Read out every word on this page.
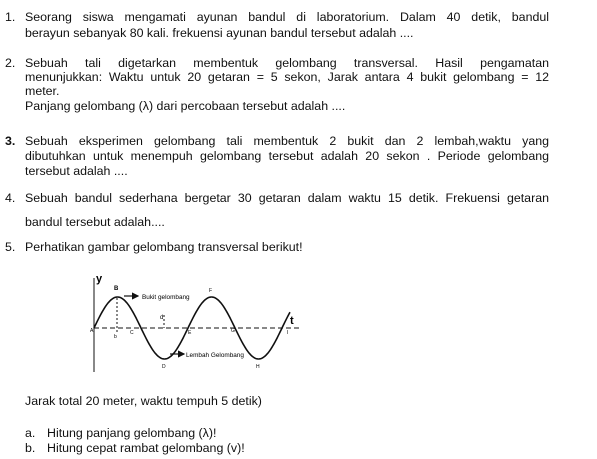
1. Seorang siswa mengamati ayunan bandul di laboratorium. Dalam 40 detik, bandul
berayun sebanyak 80 kali. frekuensi ayunan bandul tersebut adalah ....
2. Sebuah tali digetarkan membentuk gelombang transversal. Hasil pengamatan
menunjukkan: Waktu untuk 20 getaran = 5 sekon, Jarak antara 4 bukit gelombang = 12
meter.
Panjang gelombang (λ) dari percobaan tersebut adalah ....
3. Sebuah eksperimen gelombang tali membentuk 2 bukit dan 2 lembah,waktu yang
dibutuhkan untuk menempuh gelombang tersebut adalah 20 sekon . Periode gelombang
tersebut adalah ....
4. Sebuah bandul sederhana bergetar 30 getaran dalam waktu 15 detik. Frekuensi getaran
bandul tersebut adalah....
5. Perhatikan gambar gelombang transversal berikut!
y
t
Bukit gelombang
Lembah Gelombang
A
B
b
C
d
D
E
F
G
H
I
Jarak total 20 meter, waktu tempuh 5 detik)
a. Hitung panjang gelombang (λ)!
b. Hitung cepat rambat gelombang (v)!
